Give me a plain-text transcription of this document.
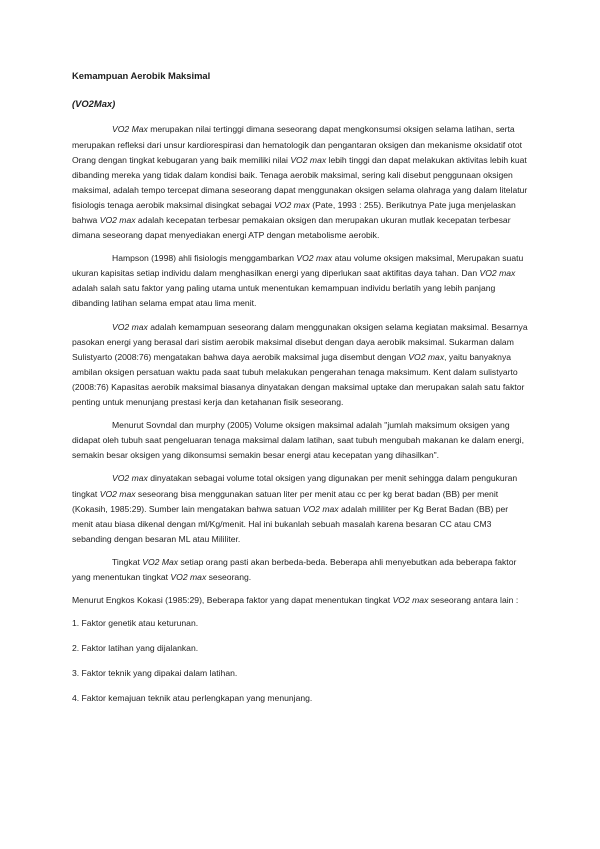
Kemampuan Aerobik Maksimal
(VO2Max)

VO2 Max merupakan nilai tertinggi dimana seseorang dapat mengkonsumsi oksigen selama latihan, serta merupakan refleksi dari unsur kardiorespirasi dan hematologik dan pengantaran oksigen dan mekanisme oksidatif otot Orang dengan tingkat kebugaran yang baik memiliki nilai VO2 max lebih tinggi dan dapat melakukan aktivitas lebih kuat dibanding mereka yang tidak dalam kondisi baik. Tenaga aerobik maksimal, sering kali disebut penggunaan oksigen maksimal, adalah tempo tercepat dimana seseorang dapat menggunakan oksigen selama olahraga yang dalam litelatur fisiologis tenaga aerobik maksimal disingkat sebagai VO2 max (Pate, 1993 : 255). Berikutnya Pate juga menjelaskan bahwa VO2 max adalah kecepatan terbesar pemakaian oksigen dan merupakan ukuran mutlak kecepatan terbesar dimana seseorang dapat menyediakan energi ATP dengan metabolisme aerobik.

Hampson (1998) ahli fisiologis menggambarkan VO2 max atau volume oksigen maksimal, Merupakan suatu ukuran kapisitas setiap individu dalam menghasilkan energi yang diperlukan saat aktifitas daya tahan. Dan VO2 max adalah salah satu faktor yang paling utama untuk menentukan kemampuan individu berlatih yang lebih panjang dibanding latihan selama empat atau lima menit.

VO2 max adalah kemampuan seseorang dalam menggunakan oksigen selama kegiatan maksimal. Besarnya pasokan energi yang berasal dari sistim aerobik maksimal disebut dengan daya aerobik maksimal. Sukarman dalam Sulistyarto (2008:76) mengatakan bahwa daya aerobik maksimal juga disembut dengan VO2 max, yaitu banyaknya ambilan oksigen persatuan waktu pada saat tubuh melakukan pengerahan tenaga maksimum. Kent dalam sulistyarto (2008:76) Kapasitas aerobik maksimal biasanya dinyatakan dengan maksimal uptake dan merupakan salah satu faktor penting untuk menunjang prestasi kerja dan ketahanan fisik seseorang.

Menurut Sovndal dan murphy (2005) Volume oksigen maksimal adalah "jumlah maksimum oksigen yang didapat oleh tubuh saat pengeluaran tenaga maksimal dalam latihan, saat tubuh mengubah makanan ke dalam energi, semakin besar oksigen yang dikonsumsi semakin besar energi atau kecepatan yang dihasilkan".

VO2 max dinyatakan sebagai volume total oksigen yang digunakan per menit sehingga dalam pengukuran tingkat VO2 max seseorang bisa menggunakan satuan liter per menit atau cc per kg berat badan (BB) per menit (Kokasih, 1985:29). Sumber lain mengatakan bahwa satuan VO2 max adalah mililiter per Kg Berat Badan (BB) per menit atau biasa dikenal dengan ml/Kg/menit. Hal ini bukanlah sebuah masalah karena besaran CC atau CM3 sebanding dengan besaran ML atau Mililiter.

Tingkat VO2 Max setiap orang pasti akan berbeda-beda. Beberapa ahli menyebutkan ada beberapa faktor yang menentukan tingkat VO2 max seseorang.

Menurut Engkos Kokasi (1985:29), Beberapa faktor yang dapat menentukan tingkat VO2 max seseorang antara lain :

1. Faktor genetik atau keturunan.
2. Faktor latihan yang dijalankan.
3. Faktor teknik yang dipakai dalam latihan.
4. Faktor kemajuan teknik atau perlengkapan yang menunjang.
